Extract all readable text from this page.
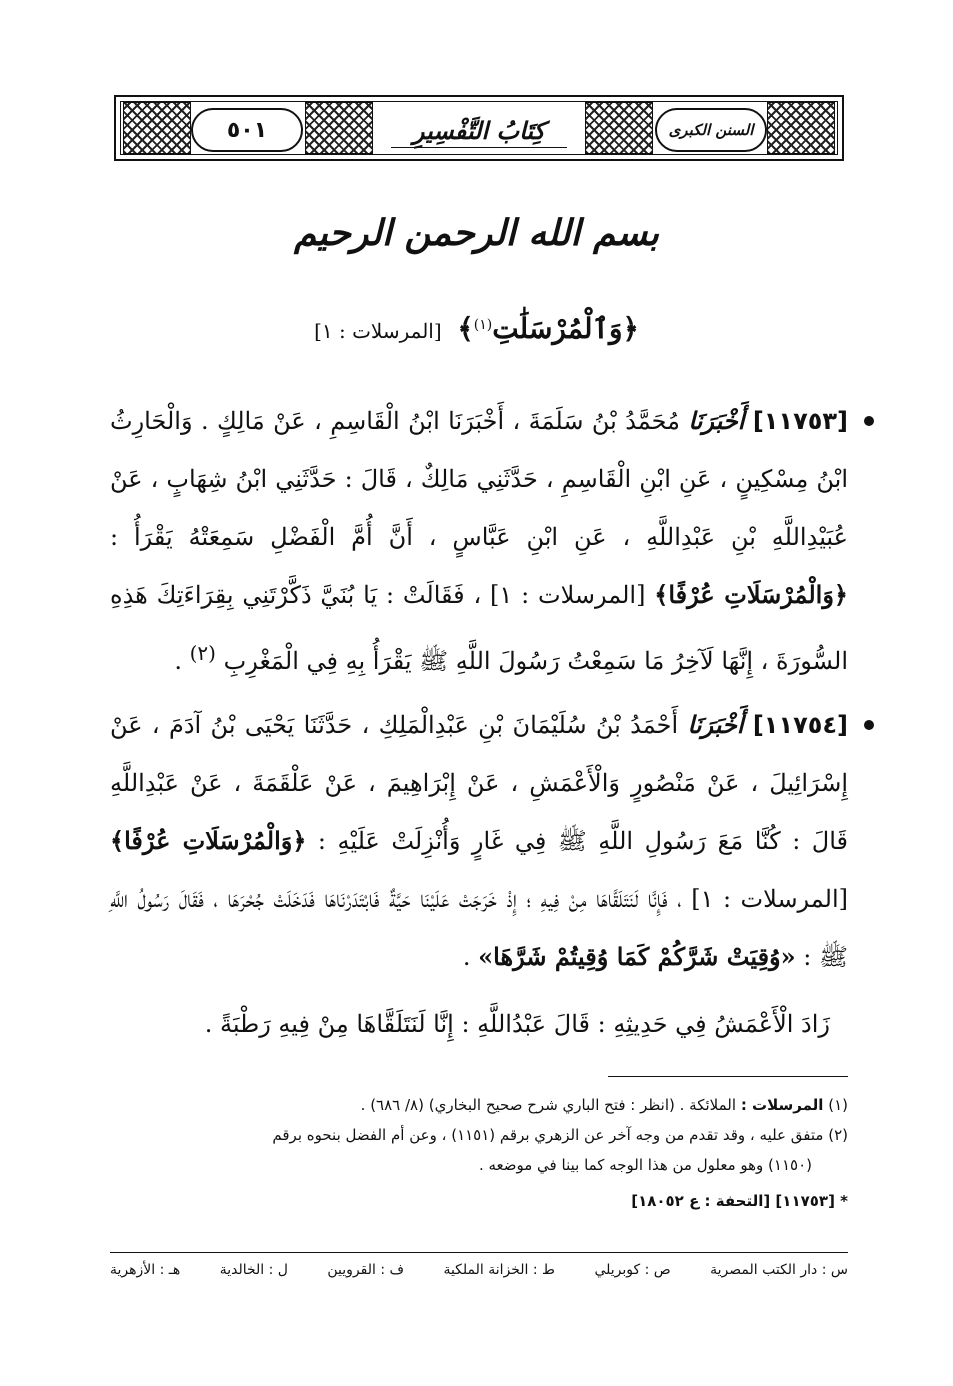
٥٠١	كِتَابُ التَّفْسِيرِ	السنن الكبرى
بسم الله الرحمن الرحيم
﴿وَٱلْمُرْسَلَٰتِ$^{(١)}$﴾ [المرسلات : ١]
[١١٧٥٣] أَخْبَرَنَا مُحَمَّدُ بْنُ سَلَمَةَ ، أَخْبَرَنَا ابْنُ الْقَاسِمِ ، عَنْ مَالِكٍ . وَالْحَارِثُ ابْنُ مِسْكِينٍ ، عَنِ ابْنِ الْقَاسِمِ ، حَدَّثَنِي مَالِكٌ ، قَالَ : حَدَّثَنِي ابْنُ شِهَابٍ ، عَنْ عُبَيْدِاللَّهِ بْنِ عَبْدِاللَّهِ ، عَنِ ابْنِ عَبَّاسٍ ، أَنَّ أُمَّ الْفَضْلِ سَمِعَتْهُ يَقْرَأُ : ﴿وَالْمُرْسَلَاتِ عُرْفًا﴾ [المرسلات : ١] ، فَقَالَتْ : يَا بُنَيَّ ذَكَّرْتَنِي بِقِرَاءَتِكَ هَذِهِ السُّورَةَ ، إِنَّهَا لَآخِرُ مَا سَمِعْتُ رَسُولَ اللَّهِ ﷺ يَقْرَأُ بِهِ فِي الْمَغْرِبِ $^{(٢)}$ .
[١١٧٥٤] أَخْبَرَنَا أَحْمَدُ بْنُ سُلَيْمَانَ بْنِ عَبْدِالْمَلِكِ ، حَدَّثَنَا يَحْيَى بْنُ آدَمَ ، عَنْ إِسْرَائِيلَ ، عَنْ مَنْصُورٍ وَالْأَعْمَشِ ، عَنْ إِبْرَاهِيمَ ، عَنْ عَلْقَمَةَ ، عَنْ عَبْدِاللَّهِ قَالَ : كُنَّا مَعَ رَسُولِ اللَّهِ ﷺ فِي غَارٍ وَأُنْزِلَتْ عَلَيْهِ : ﴿وَالْمُرْسَلَاتِ عُرْفًا﴾ [المرسلات : ١] ، فَإِنَّا لَنَتَلَقَّاهَا مِنْ فِيهِ ؛ إِذْ خَرَجَتْ عَلَيْنَا حَيَّةٌ فَابْتَدَرْنَاهَا فَدَخَلَتْ جُحْرَهَا ، فَقَالَ رَسُولُ اللَّهِ ﷺ : «وُقِيَتْ شَرَّكُمْ كَمَا وُقِيتُمْ شَرَّهَا» .
زَادَ الْأَعْمَشُ فِي حَدِيثِهِ : قَالَ عَبْدُاللَّهِ : إِنَّا لَنَتَلَقَّاهَا مِنْ فِيهِ رَطْبَةً .

(١) المرسلات : الملائكة . (انظر : فتح الباري شرح صحيح البخاري) (٨/ ٦٨٦) .

(٢) متفق عليه ، وقد تقدم من وجه آخر عن الزهري برقم (١١٥١) ، وعن أم الفضل بنحوه برقم

(١١٥٠) وهو معلول من هذا الوجه كما بينا في موضعه .

* [١١٧٥٣] [التحفة : ع ١٨٠٥٢]

س : دار الكتب المصرية
ص : كوبريلي
ط : الخزانة الملكية
ف : القرويين
ل : الخالدية
هـ : الأزهرية
